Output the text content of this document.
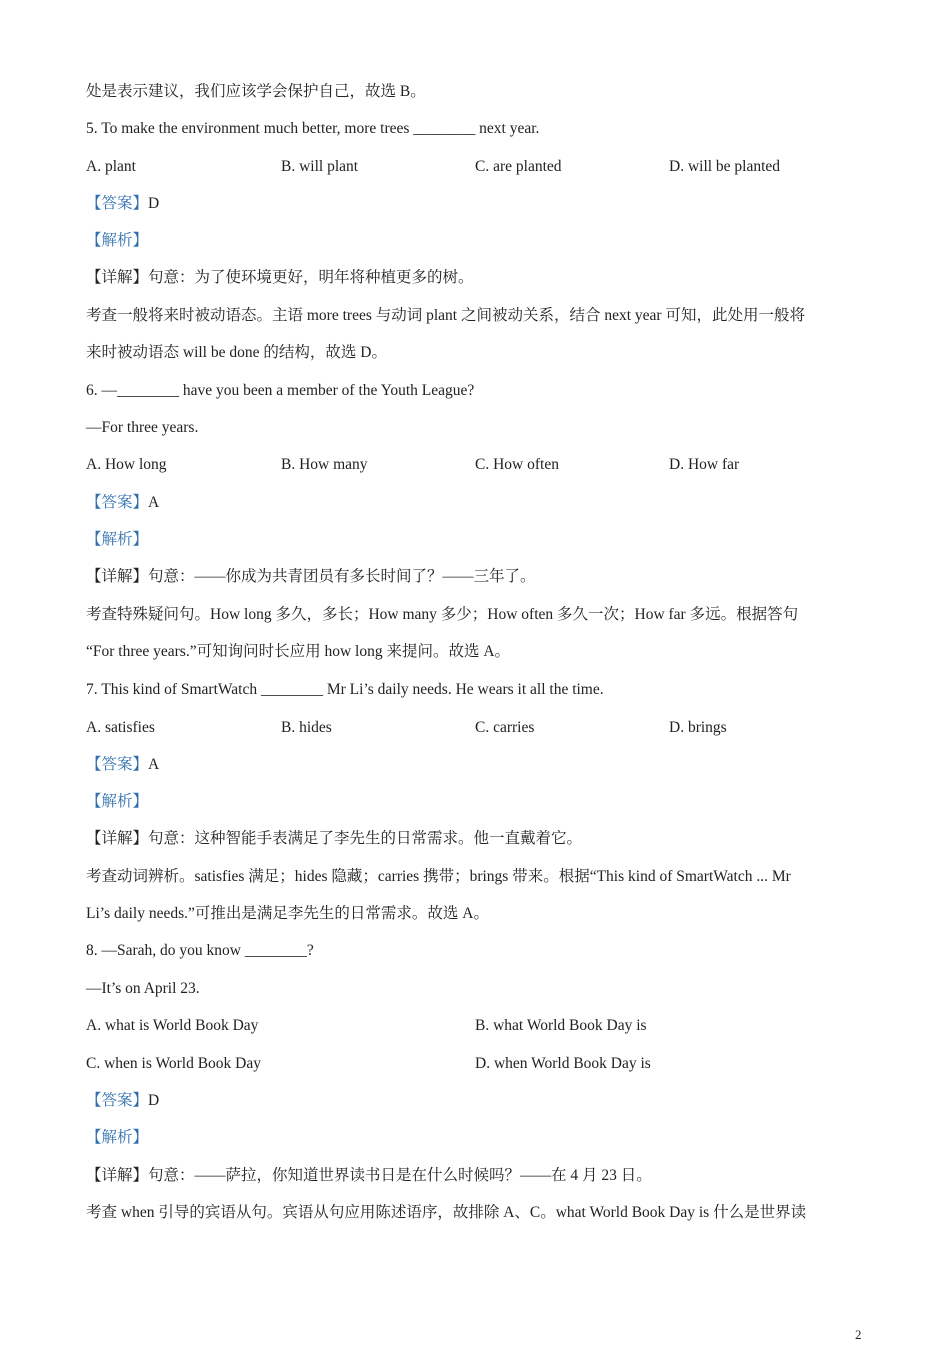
处是表示建议，我们应该学会保护自己，故选 B。
5. To make the environment much better, more trees ________ next year.
A. plant	B. will plant	C. are planted	D. will be planted
【答案】D
【解析】
【详解】句意：为了使环境更好，明年将种植更多的树。
考查一般将来时被动语态。主语 more trees 与动词 plant 之间被动关系，结合 next year 可知，此处用一般将
来时被动语态 will be done 的结构，故选 D。
6. —________ have you been a member of the Youth League?
—For three years.
A. How long	B. How many	C. How often	D. How far
【答案】A
【解析】
【详解】句意：——你成为共青团员有多长时间了？——三年了。
考查特殊疑问句。How long 多久，多长；How many 多少；How often 多久一次；How far 多远。根据答句
“For three years.”可知询问时长应用 how long 来提问。故选 A。
7. This kind of SmartWatch ________ Mr Li’s daily needs. He wears it all the time.
A. satisfies	B. hides	C. carries	D. brings
【答案】A
【解析】
【详解】句意：这种智能手表满足了李先生的日常需求。他一直戴着它。
考查动词辨析。satisfies 满足；hides 隐藏；carries 携带；brings 带来。根据“This kind of SmartWatch ... Mr
Li’s daily needs.”可推出是满足李先生的日常需求。故选 A。
8. —Sarah, do you know ________?
—It’s on April 23.
A. what is World Book Day	B. what World Book Day is
C. when is World Book Day	D. when World Book Day is
【答案】D
【解析】
【详解】句意：——萨拉，你知道世界读书日是在什么时候吗？——在 4 月 23 日。
考查 when 引导的宾语从句。宾语从句应用陈述语序，故排除 A、C。what World Book Day is 什么是世界读
2
